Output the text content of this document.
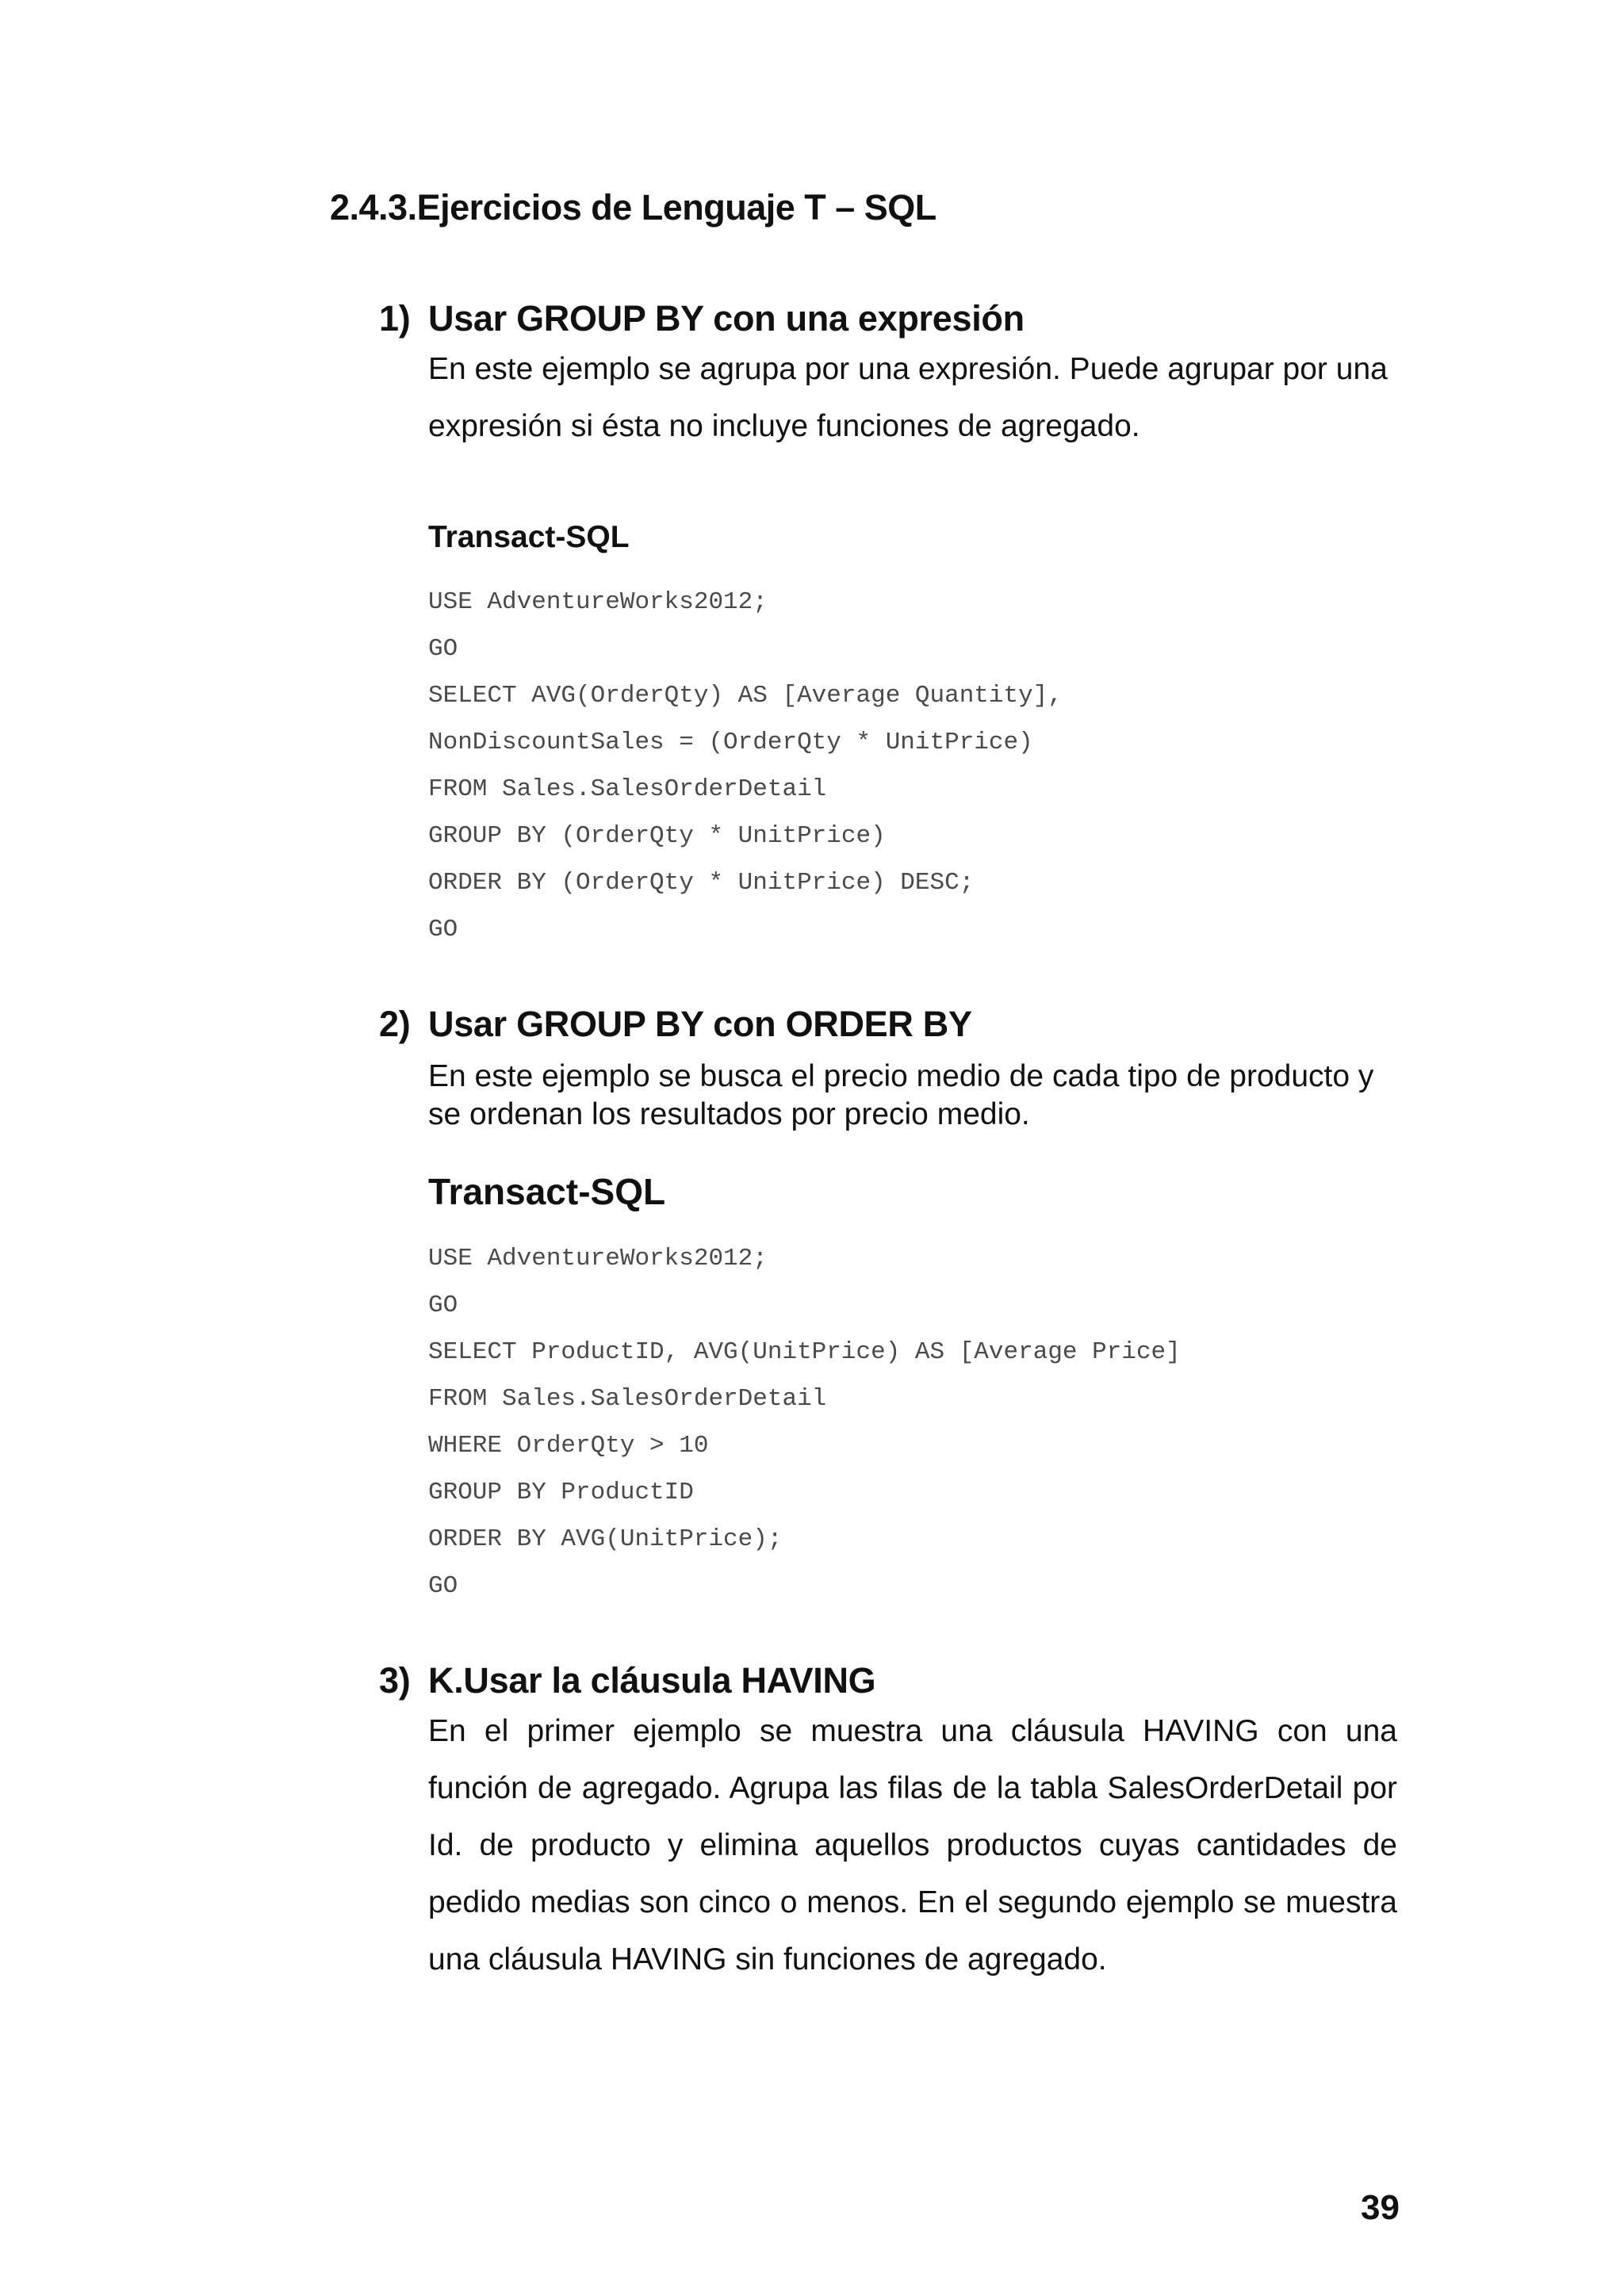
2.4.3.Ejercicios de Lenguaje T – SQL
1) Usar GROUP BY con una expresión

En este ejemplo se agrupa por una expresión. Puede agrupar por una expresión si ésta no incluye funciones de agregado.

Transact-SQL

USE AdventureWorks2012;
GO
SELECT AVG(OrderQty) AS [Average Quantity],
NonDiscountSales = (OrderQty * UnitPrice)
FROM Sales.SalesOrderDetail
GROUP BY (OrderQty * UnitPrice)
ORDER BY (OrderQty * UnitPrice) DESC;
GO
2) Usar GROUP BY con ORDER BY

En este ejemplo se busca el precio medio de cada tipo de producto y se ordenan los resultados por precio medio.

Transact-SQL

USE AdventureWorks2012;
GO
SELECT ProductID, AVG(UnitPrice) AS [Average Price]
FROM Sales.SalesOrderDetail
WHERE OrderQty > 10
GROUP BY ProductID
ORDER BY AVG(UnitPrice);
GO
3) K.Usar la cláusula HAVING

En el primer ejemplo se muestra una cláusula HAVING con una función de agregado. Agrupa las filas de la tabla SalesOrderDetail por Id. de producto y elimina aquellos productos cuyas cantidades de pedido medias son cinco o menos. En el segundo ejemplo se muestra una cláusula HAVING sin funciones de agregado.

39
